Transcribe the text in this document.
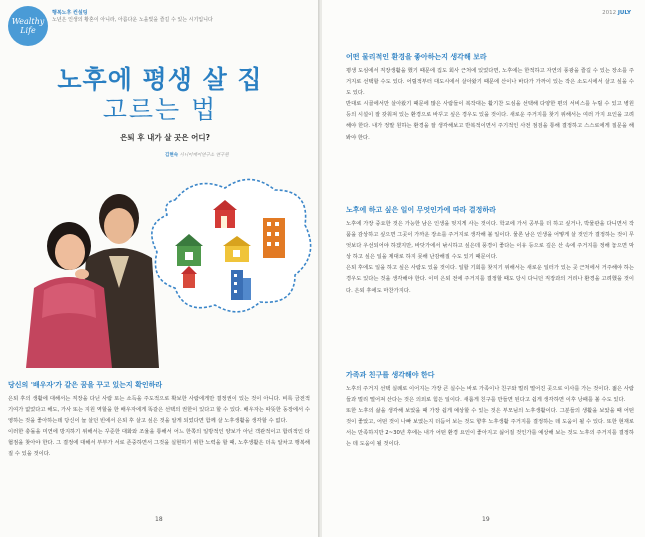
Wealthy
Life
행복노후 컨설팅
노년은 인생의 황혼이 아니라, 아름다운 노을빛을 즐길 수 있는 시기입니다
노후에 평생 살 집
고르는 법
은퇴 후 내가 살 곳은 어디?
김현숙 시니어케어연구소 연구원
당신의 '배우자'가 같은 꿈을 꾸고 있는지 확인하라
은퇴 후의 생활에 대해서는 직장을 다닌 사람 또는 소득을 주도적으로 확보한 사람에게만 결정권이 있는 것이 아니다. 비록 금전적 기여가 없었다고 해도, 가사 또는 지원 역할을 한 배우자에게 똑같은 선택의 권한이 있다고 할 수 있다. 배우자는 따뜻한 동장에서 수영하는 것을 좋아하는데 당신이 늘 살던 빈에서 은퇴 후 살고 싶은 것을 알게 되었다면 함께 살 노후생활을 생각할 수 없다.
이러한 충돌을 미연에 방지하기 위해서는 꾸준한 대화와 조율을 통해서 어느 한쪽의 일방적인 양보가 아닌 객관적이고 합리적인 타협점을 찾아야 한다. 그 결정에 대해서 부부가 서로 존중하면서 그것을 실현하기 위한 노력을 할 때, 노후생활은 더욱 알차고 행복해질 수 있을 것이다.
18
2012 JULY
어떤 물리적인 환경을 좋아하는지 생각해 보라
평생 도심에서 직장생활을 했기 때문에 집도 회사 근처에 있었다면, 노후에는 한적하고 자연의 풍광을 즐길 수 있는 장소를 주거지로 선택할 수도 있다. 어릴적부터 대도시에서 살아왔기 때문에 산이나 바다가 가까이 있는 작은 소도시에서 살고 싶을 수도 있다.
반대로 시골에서만 살아왔기 때문에 많은 사람들이 복작대는 활기찬 도심을 선택해 다양한 편의 서비스를 누릴 수 있고 병원 등의 시설이 잘 갖춰져 있는 환경으로 바꾸고 싶은 경우도 있을 것이다. 새로운 주거지를 찾기 위해서는 여러 가지 요인을 고려해야 한다. 내가 정말 원하는 환경을 잘 생각해보고 반복적이면서 주기적인 사전 점검을 통해 결정하고 스스로에게 질문을 해봐야 한다.
노후에 하고 싶은 일이 무엇인가에 따라 결정하라
노후에 가장 중요한 것은 가능한 남은 인생을 멋지게 사는 것이다. 학교에 가서 공부를 더 하고 싶거나, 박물관을 다니면서 작품을 감상하고 싶으면 그곳이 가까운 장소를 주거지로 생각해 볼 일이다. 물론 남은 인생을 어떻게 살 것인가 결정하는 것이 무엇보다 우선되어야 하겠지만, 바닷가에서 낚시하고 싶은데 풍경이 좋다는 이유 등으로 깊은 산 속에 주거지를 정해 놓으면 막상 하고 싶은 일을 제대로 하지 못해 난감해질 수도 있기 때문이다.
은퇴 후에도 일을 하고 싶은 사람도 있을 것이다. 일할 기회를 찾지기 위해서는 새로운 일터가 있는 곳 근처에서 거주해야 하는 경우도 있다는 것을 생각해야 한다. 이미 은퇴 전에 주거지를 결정할 때도 당시 다니던 직장과의 거리나 환경을 고려했을 것이다. 은퇴 후에도 마찬가지다.
가족과 친구를 생각해야 한다
노후의 주거지 선택 실례로 이어지는 가장 큰 실수는 바로 가족이나 친구와 멀리 떨어진 곳으로 이사를 가는 것이다. 젊은 사람들과 멀리 떨어져 산다는 것은 의외로 힘든 일이다. 새롭게 친구를 만들면 된다고 쉽게 생각하면 이후 낭패를 볼 수도 있다.
또한 노후의 삶을 생각해 보았을 때 가장 쉽게 예상할 수 있는 것은 부모님의 노후생활이다. 그분들의 생활을 보았을 때 어떤 것이 좋았고, 어떤 것이 나빠 보였는지 더듬어 보는 것도 향후 노후생활 주거지를 결정하는 데 도움이 될 수 있다. 또한 현재로서는 만족하지만 2~30년 후에는 내가 어떤 환경 요인이 좋아지고 싫어질 것인가를 예상해 보는 것도 노후의 주거지를 결정하는 데 도움이 될 것이다.
19
